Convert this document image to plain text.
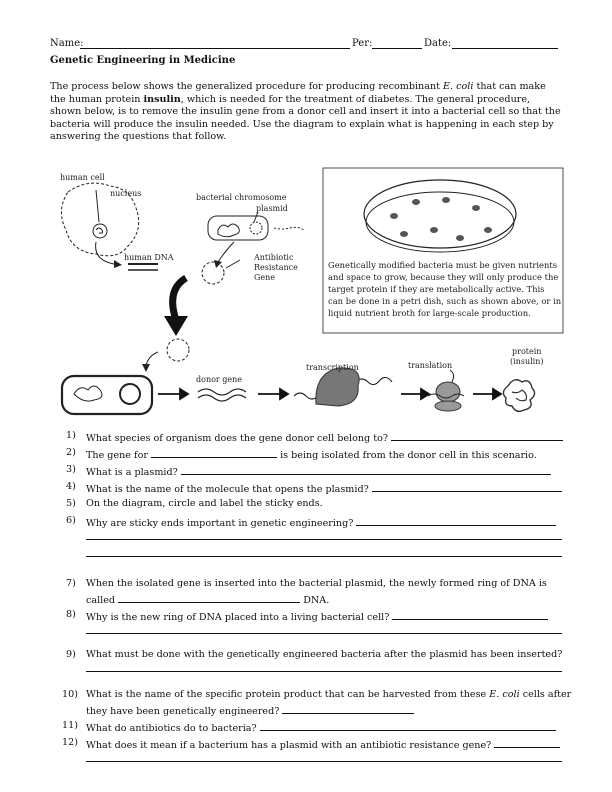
Name:	Per:	Date:
Genetic Engineering in Medicine
The process below shows the generalized procedure for producing recombinant E. coli that can make the human protein insulin, which is needed for the treatment of diabetes. The general procedure, shown below, is to remove the insulin gene from a donor cell and insert it into a bacterial cell so that the bacteria will produce the insulin needed. Use the diagram to explain what is happening in each step by answering the questions that follow.
human cell
nucleus
human DNA
bacterial chromosome
plasmid
Antibiotic
Resistance
Gene
Genetically modified bacteria must be given nutrients
and space to grow, because they will only produce the
target protein if they are metabolically active. This
can be done in a petri dish, such as shown above, or in
liquid nutrient broth for large-scale production.
donor gene
transcription	translation
protein
(insulin)
1)	What species of organism does the gene donor cell belong to?
2)	The gene for	is being isolated from the donor cell in this scenario.
3)	What is a plasmid?
4)	What is the name of the molecule that opens the plasmid?
5)	On the diagram, circle and label the sticky ends.
6)	Why are sticky ends important in genetic engineering?
7)	When the isolated gene is inserted into the bacterial plasmid, the newly formed ring of DNA is
called	DNA.
8)	Why is the new ring of DNA placed into a living bacterial cell?
9)	What must be done with the genetically engineered bacteria after the plasmid has been inserted?
10) What is the name of the specific protein product that can be harvested from these E. coli cells after
they have been genetically engineered?
11) What do antibiotics do to bacteria?
12) What does it mean if a bacterium has a plasmid with an antibiotic resistance gene?
